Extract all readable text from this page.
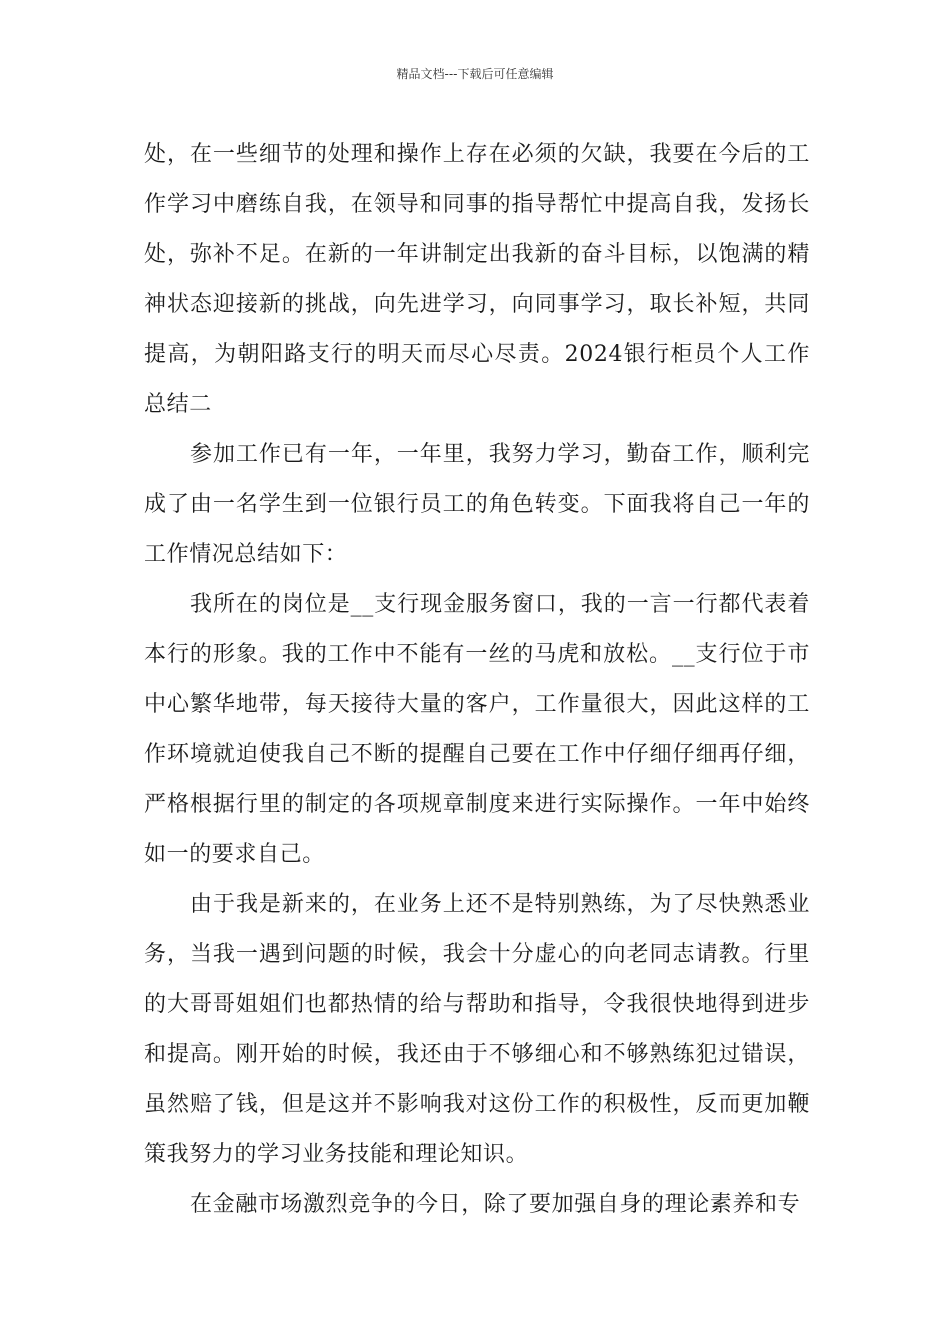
精品文档---下载后可任意编辑

处，在一些细节的处理和操作上存在必须的欠缺，我要在今后的工作学习中磨练自我，在领导和同事的指导帮忙中提高自我，发扬长处，弥补不足。在新的一年讲制定出我新的奋斗目标，以饱满的精神状态迎接新的挑战，向先进学习，向同事学习，取长补短，共同提高，为朝阳路支行的明天而尽心尽责。2024银行柜员个人工作总结二

参加工作已有一年，一年里，我努力学习，勤奋工作，顺利完成了由一名学生到一位银行员工的角色转变。下面我将自己一年的工作情况总结如下：

我所在的岗位是__支行现金服务窗口，我的一言一行都代表着本行的形象。我的工作中不能有一丝的马虎和放松。__支行位于市中心繁华地带，每天接待大量的客户，工作量很大，因此这样的工作环境就迫使我自己不断的提醒自己要在工作中仔细仔细再仔细，严格根据行里的制定的各项规章制度来进行实际操作。一年中始终如一的要求自己。

由于我是新来的，在业务上还不是特别熟练，为了尽快熟悉业务，当我一遇到问题的时候，我会十分虚心的向老同志请教。行里的大哥哥姐姐们也都热情的给与帮助和指导，令我很快地得到进步和提高。刚开始的时候，我还由于不够细心和不够熟练犯过错误，虽然赔了钱，但是这并不影响我对这份工作的积极性，反而更加鞭策我努力的学习业务技能和理论知识。

在金融市场激烈竞争的今日，除了要加强自身的理论素养和专
